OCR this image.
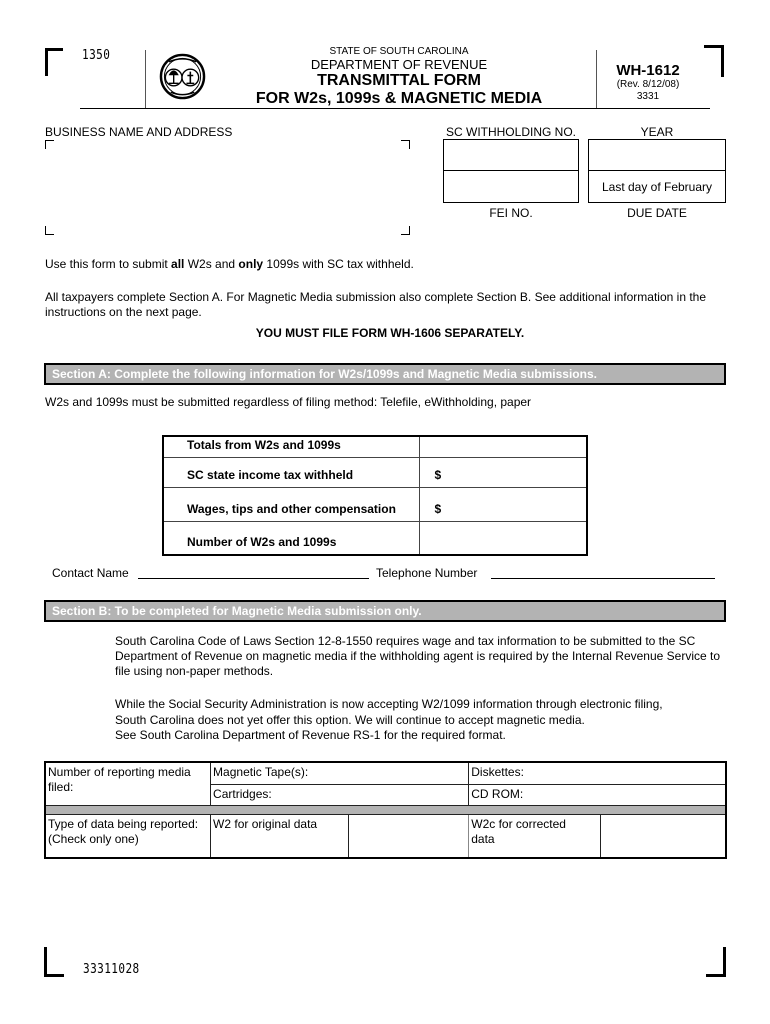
1350	STATE OF SOUTH CAROLINA
DEPARTMENT OF REVENUE
TRANSMITTAL FORM
FOR W2s, 1099s & MAGNETIC MEDIA
WH-1612
(Rev. 8/12/08)
3331
BUSINESS NAME AND ADDRESS	SC WITHHOLDING NO.	YEAR
Last day of February
FEI NO.	DUE DATE
Use this form to submit all W2s and only 1099s with SC tax withheld.
All taxpayers complete Section A. For Magnetic Media submission also complete Section B. See additional information in the instructions on the next page.
YOU MUST FILE FORM WH-1606 SEPARATELY.
Section A: Complete the following information for W2s/1099s and Magnetic Media submissions.
W2s and 1099s must be submitted regardless of filing method: Telefile, eWithholding, paper
Totals from W2s and 1099s	
SC state income tax withheld	$
Wages, tips and other compensation	$
Number of W2s and 1099s	
Contact Name	Telephone Number
Section B: To be completed for Magnetic Media submission only.
South Carolina Code of Laws Section 12-8-1550 requires wage and tax information to be submitted to the SC Department of Revenue on magnetic media if the withholding agent is required by the Internal Revenue Service to file using non-paper methods.
While the Social Security Administration is now accepting W2/1099 information through electronic filing,
South Carolina does not yet offer this option. We will continue to accept magnetic media.
See South Carolina Department of Revenue RS-1 for the required format.
Number of reporting media filed:	Magnetic Tape(s):		Diskettes:	
	Cartridges:		CD ROM:	

Type of data being reported:
(Check only one)
	W2 for original data		W2c for corrected
data

33311028
